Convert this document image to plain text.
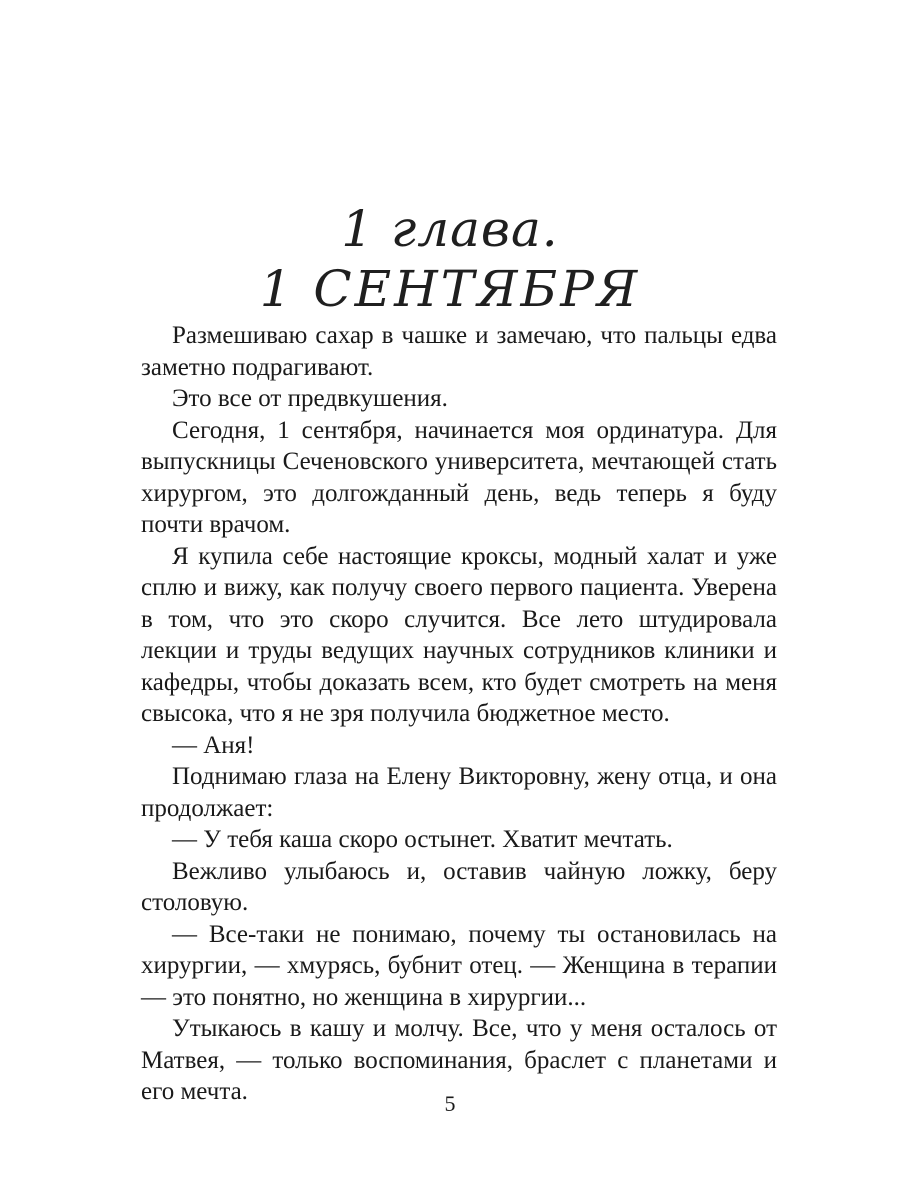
1 глава.
1 СЕНТЯБРЯ

Размешиваю сахар в чашке и замечаю, что пальцы едва заметно подрагивают.

Это все от предвкушения.

Сегодня, 1 сентября, начинается моя ординатура. Для выпускницы Сеченовского университета, мечтающей стать хирургом, это долгожданный день, ведь теперь я буду почти врачом.

Я купила себе настоящие кроксы, модный халат и уже сплю и вижу, как получу своего первого пациента. Уверена в том, что это скоро случится. Все лето штудировала лекции и труды ведущих научных сотрудников клиники и кафедры, чтобы доказать всем, кто будет смотреть на меня свысока, что я не зря получила бюджетное место.

— Аня!

Поднимаю глаза на Елену Викторовну, жену отца, и она продолжает:

— У тебя каша скоро остынет. Хватит мечтать.

Вежливо улыбаюсь и, оставив чайную ложку, беру столовую.

— Все-таки не понимаю, почему ты остановилась на хирургии, — хмурясь, бубнит отец. — Женщина в терапии — это понятно, но женщина в хирургии...

Утыкаюсь в кашу и молчу. Все, что у меня осталось от Матвея, — только воспоминания, браслет с планетами и его мечта.	5
